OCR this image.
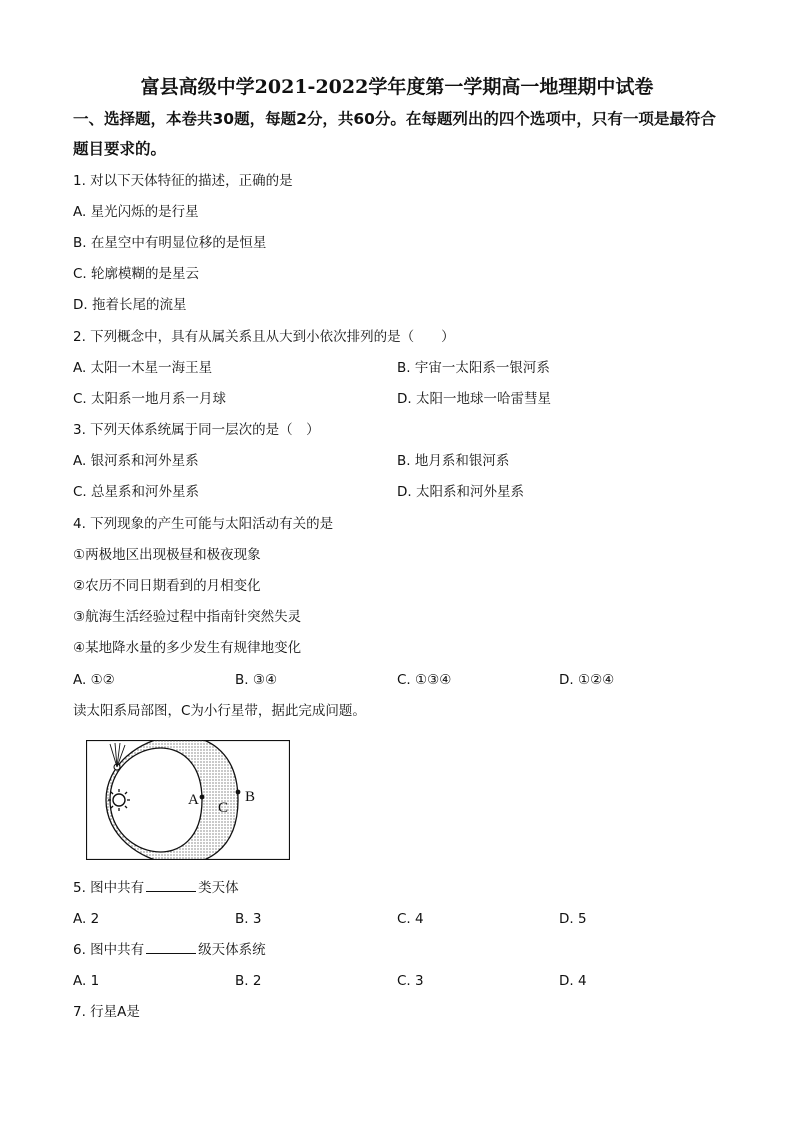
富县高级中学2021-2022学年度第一学期高一地理期中试卷

一、选择题，本卷共30题，每题2分，共60分。在每题列出的四个选项中，只有一项是最符合题目要求的。

1. 对以下天体特征的描述，正确的是
A. 星光闪烁的是行星
B. 在星空中有明显位移的是恒星
C. 轮廓模糊的是星云
D. 拖着长尾的流星
2. 下列概念中，具有从属关系且从大到小依次排列的是（　　）
A. 太阳一木星一海王星	B. 宇宙一太阳系一银河系
C. 太阳系一地月系一月球	D. 太阳一地球一哈雷彗星
3. 下列天体系统属于同一层次的是（　）
A. 银河系和河外星系	B. 地月系和银河系
C. 总星系和河外星系	D. 太阳系和河外星系
4. 下列现象的产生可能与太阳活动有关的是
①两极地区出现极昼和极夜现象
②农历不同日期看到的月相变化
③航海生活经验过程中指南针突然失灵
④某地降水量的多少发生有规律地变化
A. ①②	B. ③④	C. ①③④	D. ①②④
读太阳系局部图，C为小行星带，据此完成问题。
A	B
C
5. 图中共有	类天体
A. 2	B. 3	C. 4	D. 5
6. 图中共有	级天体系统
A. 1	B. 2	C. 3	D. 4
7. 行星A是
